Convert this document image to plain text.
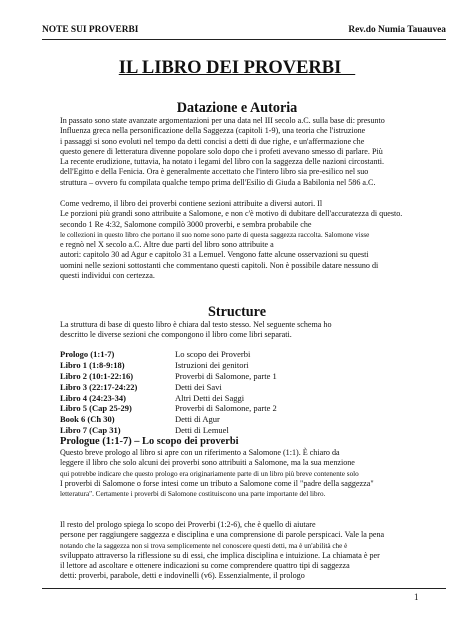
NOTE SUI PROVERBI	Rev.do Numia Tauauvea
IL LIBRO DEI PROVERBI
Datazione e Autoria
In passato sono state avanzate argomentazioni per una data nel III secolo a.C. sulla base di: presunto
Influenza greca nella personificazione della Saggezza (capitoli 1-9), una teoria che l'istruzione
i passaggi si sono evoluti nel tempo da detti concisi a detti di due righe, e un'affermazione che
questo genere di letteratura divenne popolare solo dopo che i profeti avevano smesso di parlare. Più
La recente erudizione, tuttavia, ha notato i legami del libro con la saggezza delle nazioni circostanti.
dell'Egitto e della Fenicia. Ora è generalmente accettato che l'intero libro sia pre-esilico nel suo
struttura – ovvero fu compilata qualche tempo prima dell'Esilio di Giuda a Babilonia nel 586 a.C.
Come vedremo, il libro dei proverbi contiene sezioni attribuite a diversi autori. Il
Le porzioni più grandi sono attribuite a Salomone, e non c'è motivo di dubitare dell'accuratezza di questo.
secondo 1 Re 4:32, Salomone compilò 3000 proverbi, e sembra probabile che
le collezioni in questo libro che portano il suo nome sono parte di questa saggezza raccolta. Salomone visse
e regnò nel X secolo a.C. Altre due parti del libro sono attribuite a
autori: capitolo 30 ad Agur e capitolo 31 a Lemuel. Vengono fatte alcune osservazioni su questi
uomini nelle sezioni sottostanti che commentano questi capitoli. Non è possibile datare nessuno di
questi individui con certezza.
Structure
La struttura di base di questo libro è chiara dal testo stesso. Nel seguente schema ho
descritto le diverse sezioni che compongono il libro come libri separati.
Prologo (1:1-7)	Lo scopo dei Proverbi
Libro 1 (1:8-9:18)	Istruzioni dei genitori
Libro 2 (10:1-22:16)	Proverbi di Salomone, parte 1
Libro 3 (22:17-24:22)	Detti dei Savi
Libro 4 (24:23-34)	Altri Detti dei Saggi
Libro 5 (Cap 25-29)	Proverbi di Salomone, parte 2
Book 6 (Ch 30)	Detti di Agur
Libro 7 (Cap 31)	Detti di Lemuel
Prologue (1:1-7) – Lo scopo dei proverbi
Questo breve prologo al libro si apre con un riferimento a Salomone (1:1). È chiaro da
leggere il libro che solo alcuni dei proverbi sono attribuiti a Salomone, ma la sua menzione
qui potrebbe indicare che questo prologo era originariamente parte di un libro più breve contenente solo
I proverbi di Salomone o forse intesi come un tributo a Salomone come il "padre della saggezza"
letteratura". Certamente i proverbi di Salomone costituiscono una parte importante del libro.
Il resto del prologo spiega lo scopo dei Proverbi (1:2-6), che è quello di aiutare
persone per raggiungere saggezza e disciplina e una comprensione di parole perspicaci. Vale la pena
notando che la saggezza non si trova semplicemente nel conoscere questi detti, ma è un'abilità che è
sviluppato attraverso la riflessione su di essi, che implica disciplina e intuizione. La chiamata è per
il lettore ad ascoltare e ottenere indicazioni su come comprendere quattro tipi di saggezza
detti: proverbi, parabole, detti e indovinelli (v6). Essenzialmente, il prologo
1
